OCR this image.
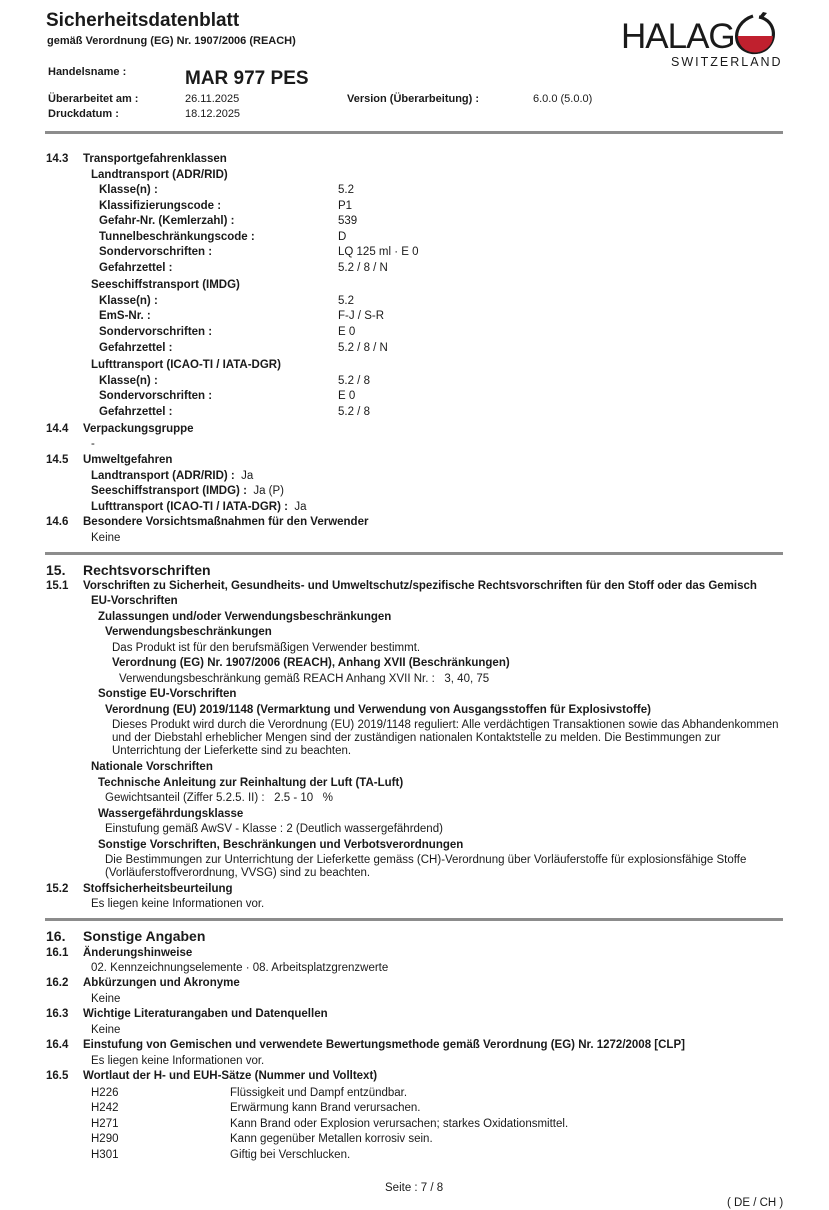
Sicherheitsdatenblatt
gemäß Verordnung (EG) Nr. 1907/2006 (REACH)	HALAG
SWITZERLAND
Handelsname :	MAR 977 PES
Überarbeitet am :	26.11.2025	Version (Überarbeitung) :	6.0.0 (5.0.0)
Druckdatum :	18.12.2025
14.3 Transportgefahrenklassen
Landtransport (ADR/RID)
Klasse(n) :	5.2
Klassifizierungscode :	P1
Gefahr-Nr. (Kemlerzahl) :	539
Tunnelbeschränkungscode :	D
Sondervorschriften :	LQ 125 ml · E 0
Gefahrzettel :	5.2 / 8 / N
Seeschiffstransport (IMDG)
Klasse(n) :	5.2
EmS-Nr. :	F-J / S-R
Sondervorschriften :	E 0
Gefahrzettel :	5.2 / 8 / N
Lufttransport (ICAO-TI / IATA-DGR)
Klasse(n) :	5.2 / 8
Sondervorschriften :	E 0
Gefahrzettel :	5.2 / 8
14.4 Verpackungsgruppe
-
14.5 Umweltgefahren
Landtransport (ADR/RID) : Ja
Seeschiffstransport (IMDG) : Ja (P)
Lufttransport (ICAO-TI / IATA-DGR) : Ja
14.6 Besondere Vorsichtsmaßnahmen für den Verwender
Keine
15. Rechtsvorschriften
15.1 Vorschriften zu Sicherheit, Gesundheits- und Umweltschutz/spezifische Rechtsvorschriften für den Stoff oder das Gemisch
EU-Vorschriften
Zulassungen und/oder Verwendungsbeschränkungen
Verwendungsbeschränkungen
Das Produkt ist für den berufsmäßigen Verwender bestimmt.
Verordnung (EG) Nr. 1907/2006 (REACH), Anhang XVII (Beschränkungen)
Verwendungsbeschränkung gemäß REACH Anhang XVII Nr. : 3, 40, 75
Sonstige EU-Vorschriften
Verordnung (EU) 2019/1148 (Vermarktung und Verwendung von Ausgangsstoffen für Explosivstoffe)
Dieses Produkt wird durch die Verordnung (EU) 2019/1148 reguliert: Alle verdächtigen Transaktionen sowie das Abhandenkommen und der Diebstahl erheblicher Mengen sind der zuständigen nationalen Kontaktstelle zu melden. Die Bestimmungen zur Unterrichtung der Lieferkette sind zu beachten.
Nationale Vorschriften
Technische Anleitung zur Reinhaltung der Luft (TA-Luft)
Gewichtsanteil (Ziffer 5.2.5. II) : 2.5 - 10 %
Wassergefährdungsklasse
Einstufung gemäß AwSV - Klasse : 2 (Deutlich wassergefährdend)
Sonstige Vorschriften, Beschränkungen und Verbotsverordnungen
Die Bestimmungen zur Unterrichtung der Lieferkette gemäss (CH)-Verordnung über Vorläuferstoffe für explosionsfähige Stoffe (Vorläuferstoffverordnung, VVSG) sind zu beachten.
15.2 Stoffsicherheitsbeurteilung
Es liegen keine Informationen vor.
16. Sonstige Angaben
16.1 Änderungshinweise
02. Kennzeichnungselemente · 08. Arbeitsplatzgrenzwerte
16.2 Abkürzungen und Akronyme
Keine
16.3 Wichtige Literaturangaben und Datenquellen
Keine
16.4 Einstufung von Gemischen und verwendete Bewertungsmethode gemäß Verordnung (EG) Nr. 1272/2008 [CLP]
Es liegen keine Informationen vor.
16.5 Wortlaut der H- und EUH-Sätze (Nummer und Volltext)
H226	Flüssigkeit und Dampf entzündbar.
H242	Erwärmung kann Brand verursachen.
H271	Kann Brand oder Explosion verursachen; starkes Oxidationsmittel.
H290	Kann gegenüber Metallen korrosiv sein.
H301	Giftig bei Verschlucken.
Seite : 7 / 8
( DE / CH )
